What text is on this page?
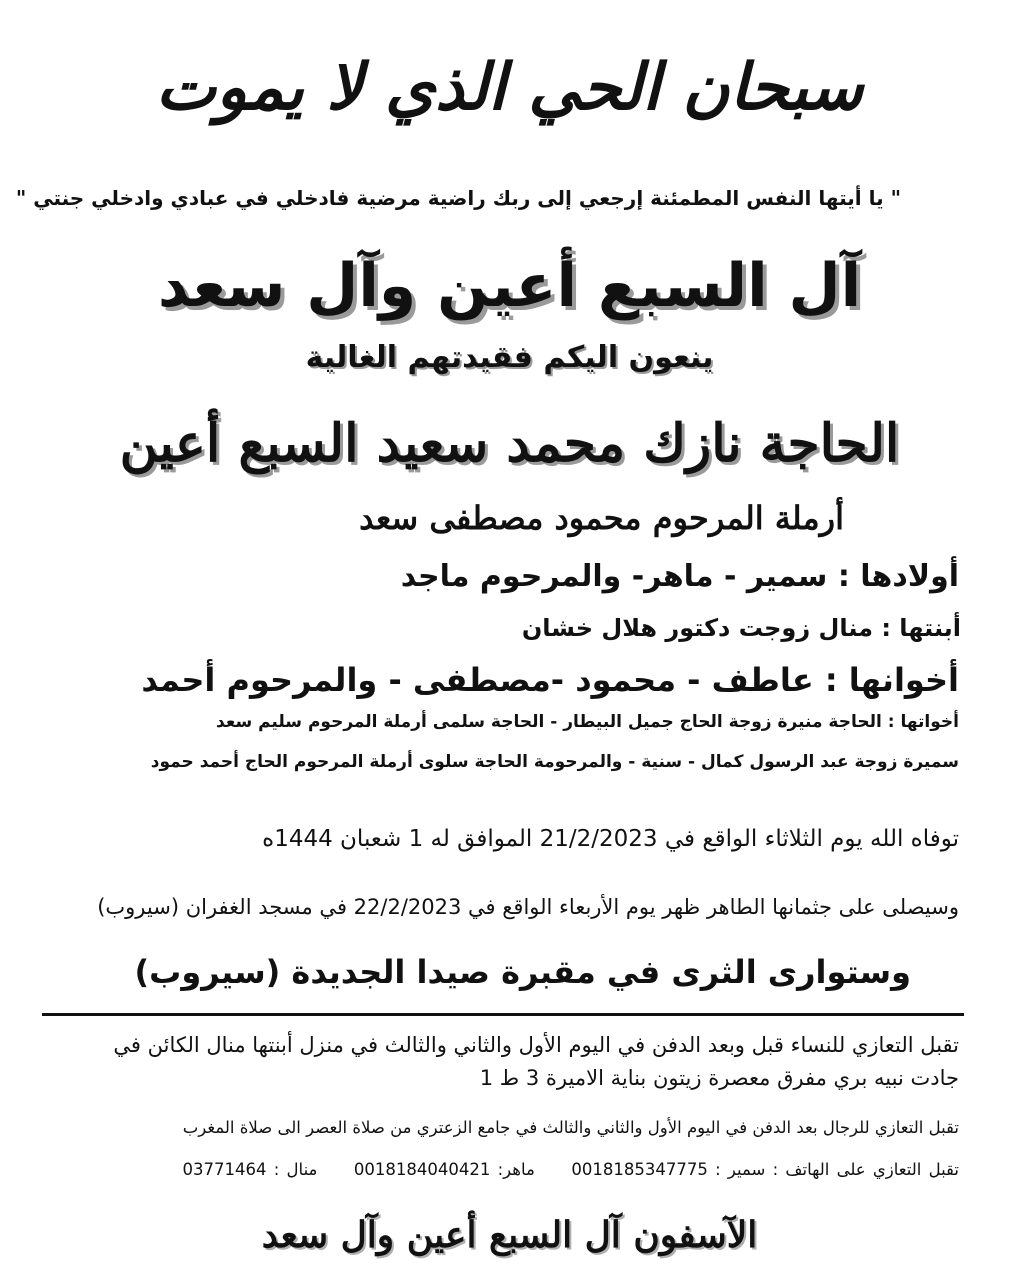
سبحان الحي الذي لا يموت
" يا أيتها النفس المطمئنة إرجعي إلى ربك راضية مرضية فادخلي في عبادي وادخلي جنتي "
آل السبع أعين وآل سعد
ينعون اليكم فقيدتهم الغالية
الحاجة نازك محمد سعيد السبع أعين
أرملة المرحوم محمود مصطفى سعد
أولادها : سمير - ماهر- والمرحوم ماجد
أبنتها : منال زوجت دكتور هلال خشان
أخوانها : عاطف - محمود -مصطفى - والمرحوم أحمد
أخواتها : الحاجة منيرة زوجة الحاج جميل البيطار - الحاجة سلمى أرملة المرحوم سليم سعد
سميرة زوجة عبد الرسول كمال - سنية - والمرحومة الحاجة سلوى أرملة المرحوم الحاج أحمد حمود
توفاه الله يوم الثلاثاء الواقع في 21/2/2023 الموافق له 1 شعبان 1444ه
وسيصلى على جثمانها الطاهر ظهر يوم الأربعاء الواقع في 22/2/2023 في مسجد الغفران (سيروب)
وستوارى الثرى في مقبرة صيدا الجديدة (سيروب)
تقبل التعازي للنساء قبل وبعد الدفن في اليوم الأول والثاني والثالث في منزل أبنتها منال الكائن في
جادت نبيه بري مفرق معصرة زيتون بناية الاميرة 3 ط 1
تقبل التعازي للرجال بعد الدفن في اليوم الأول والثاني والثالث في جامع الزعتري من صلاة العصر الى صلاة المغرب
تقبل التعازي على الهاتف : سمير : 0018185347775  ماهر: 0018184040421  منال : 03771464
الآسفون آل السبع أعين وآل سعد
